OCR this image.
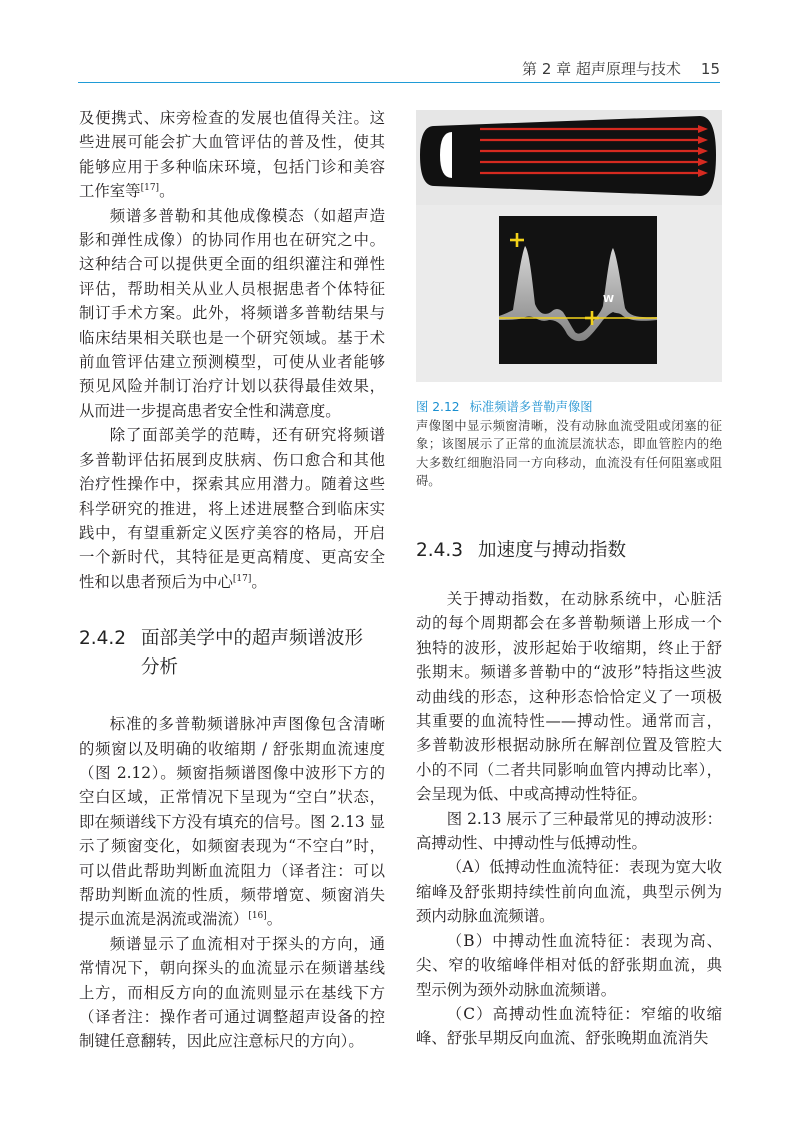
第 2 章 超声原理与技术 15

及便携式、床旁检查的发展也值得关注。这些进展可能会扩大血管评估的普及性，使其能够应用于多种临床环境，包括门诊和美容工作室等[17]。

频谱多普勒和其他成像模态（如超声造影和弹性成像）的协同作用也在研究之中。这种结合可以提供更全面的组织灌注和弹性评估，帮助相关从业人员根据患者个体特征制订手术方案。此外，将频谱多普勒结果与临床结果相关联也是一个研究领域。基于术前血管评估建立预测模型，可使从业者能够预见风险并制订治疗计划以获得最佳效果，从而进一步提高患者安全性和满意度。

除了面部美学的范畴，还有研究将频谱多普勒评估拓展到皮肤病、伤口愈合和其他治疗性操作中，探索其应用潜力。随着这些科学研究的推进，将上述进展整合到临床实践中，有望重新定义医疗美容的格局，开启一个新时代，其特征是更高精度、更高安全性和以患者预后为中心[17]。

2.4.2 面部美学中的超声频谱波形
分析

标准的多普勒频谱脉冲声图像包含清晰的频窗以及明确的收缩期 / 舒张期血流速度（图 2.12）。频窗指频谱图像中波形下方的空白区域，正常情况下呈现为“空白”状态，即在频谱线下方没有填充的信号。图 2.13 显示了频窗变化，如频窗表现为“不空白”时，可以借此帮助判断血流阻力（译者注：可以帮助判断血流的性质，频带增宽、频窗消失提示血流是涡流或湍流）[16]。

频谱显示了血流相对于探头的方向，通常情况下，朝向探头的血流显示在频谱基线上方，而相反方向的血流则显示在基线下方（译者注：操作者可通过调整超声设备的控制键任意翻转，因此应注意标尺的方向）。

W
图 2.12 标准频谱多普勒声像图

声像图中显示频窗清晰，没有动脉血流受阻或闭塞的征象；该图展示了正常的血流层流状态，即血管腔内的绝大多数红细胞沿同一方向移动，血流没有任何阻塞或阻碍。

2.4.3 加速度与搏动指数

关于搏动指数，在动脉系统中，心脏活动的每个周期都会在多普勒频谱上形成一个独特的波形，波形起始于收缩期，终止于舒张期末。频谱多普勒中的“波形”特指这些波动曲线的形态，这种形态恰恰定义了一项极其重要的血流特性——搏动性。通常而言，多普勒波形根据动脉所在解剖位置及管腔大小的不同（二者共同影响血管内搏动比率），会呈现为低、中或高搏动性特征。

图 2.13 展示了三种最常见的搏动波形：高搏动性、中搏动性与低搏动性。

（A）低搏动性血流特征：表现为宽大收缩峰及舒张期持续性前向血流，典型示例为颈内动脉血流频谱。

（B）中搏动性血流特征：表现为高、尖、窄的收缩峰伴相对低的舒张期血流，典型示例为颈外动脉血流频谱。

（C）高搏动性血流特征：窄缩的收缩峰、舒张早期反向血流、舒张晚期血流消失
